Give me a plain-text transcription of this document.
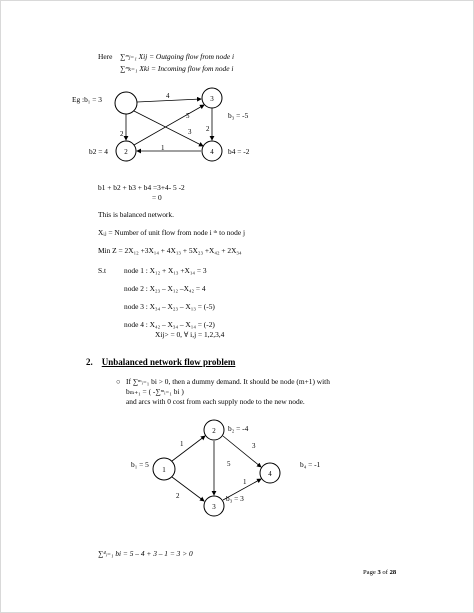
Here ∑ᵐⱼ₌₁ Xij = Outgoing flow from node i
∑ᵐₖ₌₁ Xki = Incoming flow fom node i
3
2	4
4
5
2	3 2
1
Eg :b₁ = 3
b₃ = -5
b2 = 4	b4 = -2
b1 + b2 + b3 + b4 =3+4- 5 -2
= 0
This is balanced network.
Xᵢⱼ = Number of unit flow from node i ᵗʰ to node j
Min Z = 2X₁₂ +3X₁₄ + 4X₁₃ + 5X₂₃ +X₄₂ + 2X₃₄
S.t node 1 : X₁₂ + X₁₃ +X₁₄ = 3
node 2 : X₂₃ – X₁₂ –X₄₂ = 4
node 3 : X₃₄ – X₂₃ – X₁₃ = (-5)
node 4 : X₄₂ – X₃₄ – X₁₄ = (-2)
Xij> = 0, ∀ i,j = 1,2,3,4
2. Unbalanced network flow problem
○ If ∑ᵐᵢ₌₁ bi > 0, then a dummy demand. It should be node (m+1) with
bₘ₊₁ = ( -∑ᵐᵢ₌₁ bi )
and arcs with 0 cost from each supply node to the new node.
1
2
3
4
1	3
5
2
1
b₁ = 5
b₂ = -4
b₃ = 3
b₄ = -1
∑⁴ᵢ₌₁ bi = 5 – 4 + 3 – 1 = 3 > 0
Page 3 of 28
